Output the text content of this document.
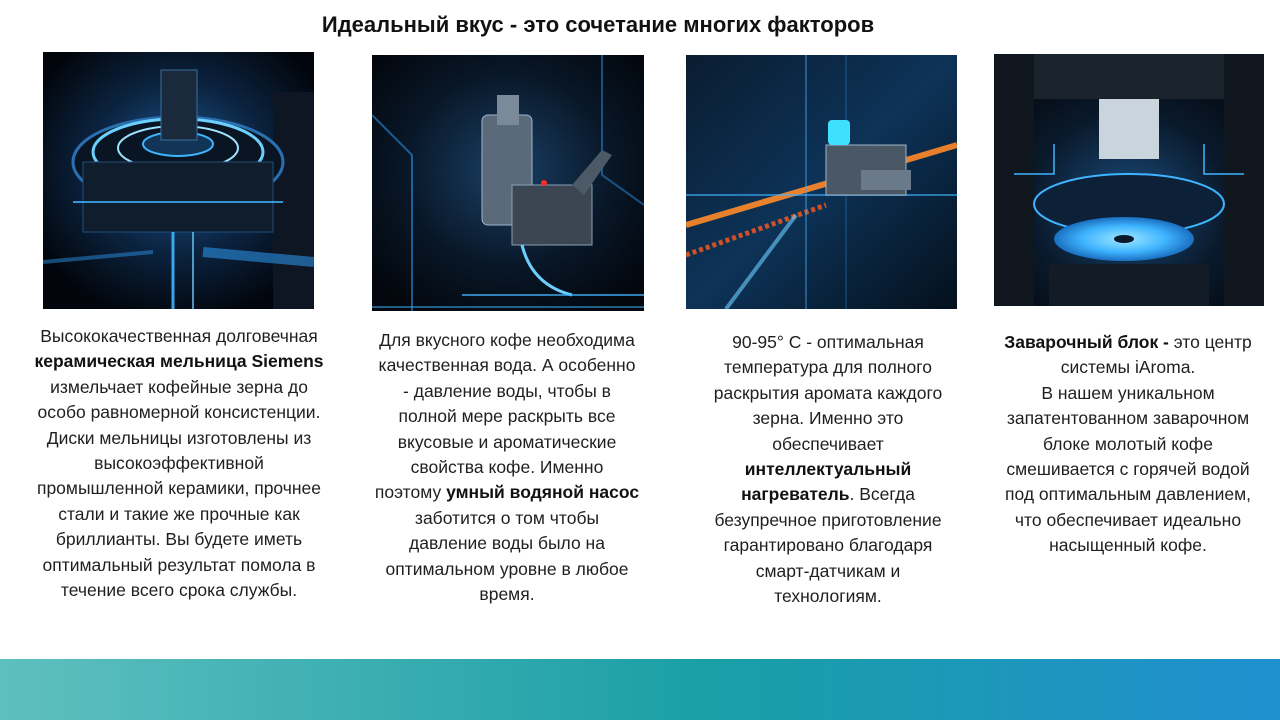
Идеальный вкус - это сочетание многих факторов
Высококачественная долговечная
керамическая мельница Siemens
измельчает кофейные зерна до
особо равномерной консистенции.
Диски мельницы изготовлены из
высокоэффективной
промышленной керамики, прочнее
стали и такие же прочные как
бриллианты. Вы будете иметь
оптимальный результат помола в
течение всего срока службы.
Для вкусного кофе необходима
качественная вода. А особенно
- давление воды, чтобы в
полной мере раскрыть все
вкусовые и ароматические
свойства кофе. Именно
поэтому умный водяной насос
заботится о том чтобы
давление воды было на
оптимальном уровне в любое
время.
90-95° С - оптимальная
температура для полного
раскрытия аромата каждого
зерна. Именно это
обеспечивает
интеллектуальный
нагреватель. Всегда
безупречное приготовление
гарантировано благодаря
смарт-датчикам и
технологиям.
Заварочный блок - это центр
системы iAroma.
В нашем уникальном
запатентованном заварочном
блоке молотый кофе
смешивается с горячей водой
под оптимальным давлением,
что обеспечивает идеально
насыщенный кофе.
